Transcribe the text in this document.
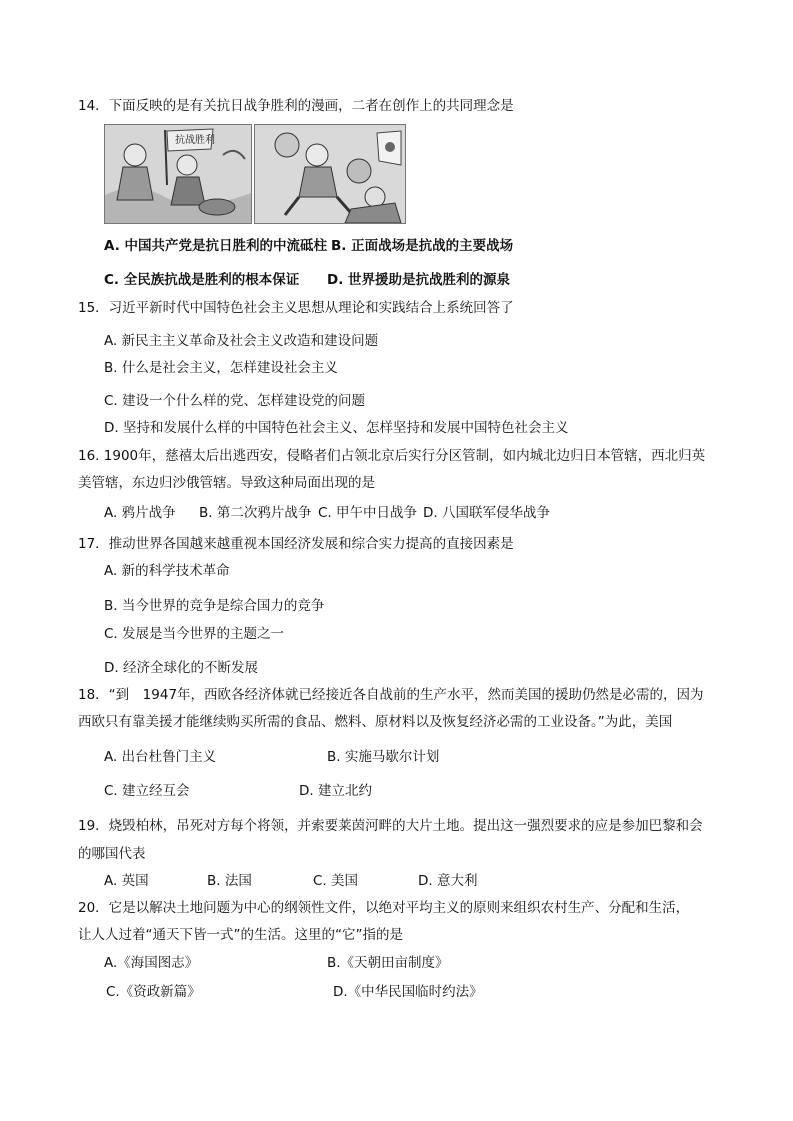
14．下面反映的是有关抗日战争胜利的漫画，二者在创作上的共同理念是
抗战胜利
A. 中国共产党是抗日胜利的中流砥柱 B. 正面战场是抗战的主要战场
C. 全民族抗战是胜利的根本保证 D. 世界援助是抗战胜利的源泉
15．习近平新时代中国特色社会主义思想从理论和实践结合上系统回答了
A. 新民主主义革命及社会主义改造和建设问题
B. 什么是社会主义，怎样建设社会主义
C. 建设一个什么样的党、怎样建设党的问题
D. 坚持和发展什么样的中国特色社会主义、怎样坚持和发展中国特色社会主义
16. 1900年，慈禧太后出逃西安，侵略者们占领北京后实行分区管制，如内城北边归日本管辖，西北归英
美管辖，东边归沙俄管辖。导致这种局面出现的是
A. 鸦片战争 B. 第二次鸦片战争 C. 甲午中日战争 D. 八国联军侵华战争
17．推动世界各国越来越重视本国经济发展和综合实力提高的直接因素是
A. 新的科学技术革命
B. 当今世界的竞争是综合国力的竞争
C. 发展是当今世界的主题之一
D. 经济全球化的不断发展
18．“到　1947年，西欧各经济体就已经接近各自战前的生产水平，然而美国的援助仍然是必需的，因为
西欧只有靠美援才能继续购买所需的食品、燃料、原材料以及恢复经济必需的工业设备。”为此，美国
A. 出台杜鲁门主义	B. 实施马歇尔计划
C. 建立经互会	D. 建立北约
19．烧毁柏林，吊死对方每个将领，并索要莱茵河畔的大片土地。提出这一强烈要求的应是参加巴黎和会
的哪国代表
A. 英国	B. 法国	C. 美国	D. 意大利
20．它是以解决土地问题为中心的纲领性文件，以绝对平均主义的原则来组织农村生产、分配和生活，
让人人过着“通天下皆一式”的生活。这里的“它”指的是
A.《海国图志》	B.《天朝田亩制度》
C.《资政新篇》	D.《中华民国临时约法》
